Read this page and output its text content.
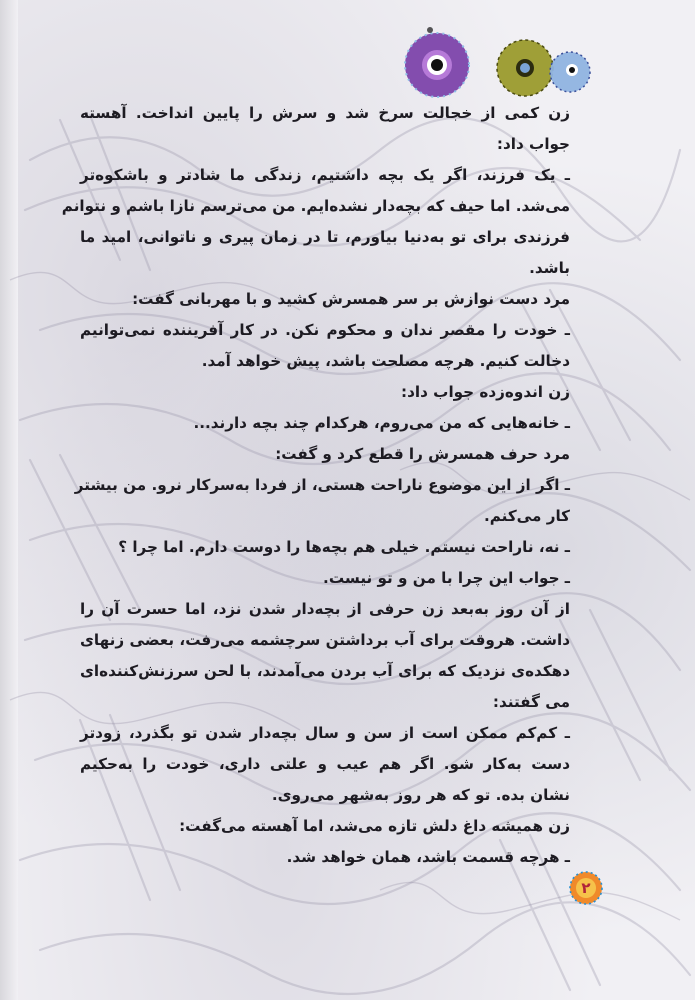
زن کمی از خجالت سرخ شد و سرش را پایین انداخت. آهسته
جواب داد:
ـ یک فرزند، اگر یک بچه داشتیم، زندگی ما شادتر و باشکوه‌تر
می‌شد. اما حیف که بچه‌دار نشده‌ایم. من می‌ترسم نازا باشم و نتوانم
فرزندی برای تو به‌دنیا بیاورم، تا در زمان پیری و ناتوانی، امید ما
باشد.
مرد دست نوازش بر سر همسرش کشید و با مهربانی گفت:
ـ خودت را مقصر ندان و محکوم نکن. در کار آفریننده نمی‌توانیم
دخالت کنیم. هرچه مصلحت باشد، پیش خواهد آمد.
زن اندوه‌زده جواب داد:
ـ خانه‌هایی که من می‌روم، هرکدام چند بچه دارند...
مرد حرف همسرش را قطع کرد و گفت:
ـ اگر از این موضوع ناراحت هستی، از فردا به‌سرکار نرو. من بیشتر
کار می‌کنم.
ـ نه، ناراحت نیستم. خیلی هم بچه‌ها را دوست دارم. اما چرا ؟
ـ جواب این چرا با من و تو نیست.
از آن روز به‌بعد زن حرفی از بچه‌دار شدن نزد، اما حسرت آن را
داشت. هروقت برای آب برداشتن سرچشمه می‌رفت، بعضی زنهای
دهکده‌ی نزدیک که برای آب بردن می‌آمدند، با لحن سرزنش‌کننده‌ای
می گفتند:
ـ کم‌کم ممکن است از سن و سال بچه‌دار شدن تو بگذرد، زودتر
دست به‌کار شو. اگر هم عیب و علتی داری، خودت را به‌حکیم
نشان بده. تو که هر روز به‌شهر می‌روی.
زن همیشه داغ دلش تازه می‌شد، اما آهسته می‌گفت:
ـ هرچه قسمت باشد، همان خواهد شد.
۲
